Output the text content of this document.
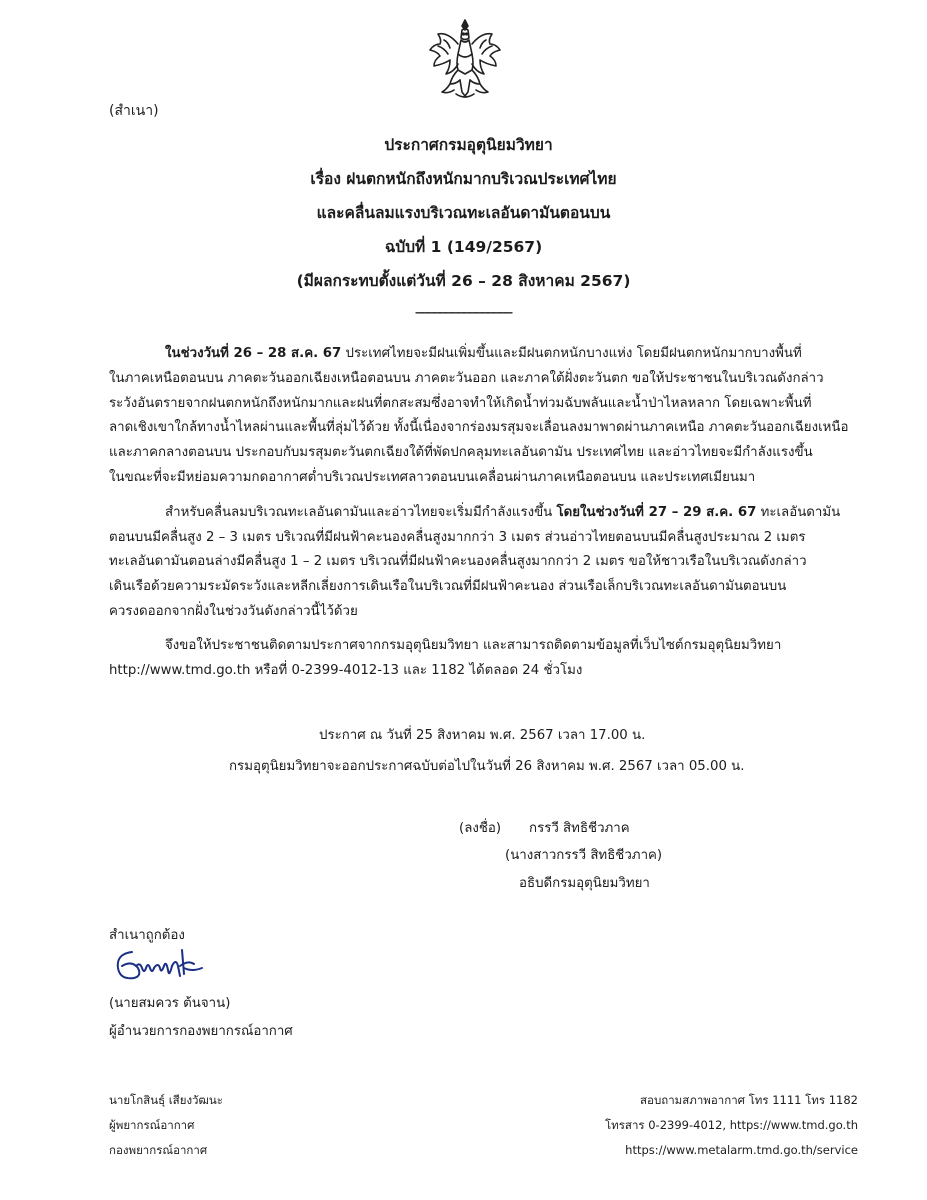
(สำเนา)
ประกาศกรมอุตุนิยมวิทยา
เรื่อง ฝนตกหนักถึงหนักมากบริเวณประเทศไทย
และคลื่นลมแรงบริเวณทะเลอันดามันตอนบน
ฉบับที่ 1 (149/2567)
(มีผลกระทบตั้งแต่วันที่ 26 – 28 สิงหาคม 2567)
________________

ในช่วงวันที่ 26 – 28 ส.ค. 67 ประเทศไทยจะมีฝนเพิ่มขึ้นและมีฝนตกหนักบางแห่ง โดยมีฝนตกหนักมากบางพื้นที่

ในภาคเหนือตอนบน ภาคตะวันออกเฉียงเหนือตอนบน ภาคตะวันออก และภาคใต้ฝั่งตะวันตก ขอให้ประชาชนในบริเวณดังกล่าว

ระวังอันตรายจากฝนตกหนักถึงหนักมากและฝนที่ตกสะสมซึ่งอาจทำให้เกิดน้ำท่วมฉับพลันและน้ำป่าไหลหลาก โดยเฉพาะพื้นที่

ลาดเชิงเขาใกล้ทางน้ำไหลผ่านและพื้นที่ลุ่มไว้ด้วย ทั้งนี้เนื่องจากร่องมรสุมจะเลื่อนลงมาพาดผ่านภาคเหนือ ภาคตะวันออกเฉียงเหนือ

และภาคกลางตอนบน ประกอบกับมรสุมตะวันตกเฉียงใต้ที่พัดปกคลุมทะเลอันดามัน ประเทศไทย และอ่าวไทยจะมีกำลังแรงขึ้น

ในขณะที่จะมีหย่อมความกดอากาศต่ำบริเวณประเทศลาวตอนบนเคลื่อนผ่านภาคเหนือตอนบน และประเทศเมียนมา

สำหรับคลื่นลมบริเวณทะเลอันดามันและอ่าวไทยจะเริ่มมีกำลังแรงขึ้น โดยในช่วงวันที่ 27 – 29 ส.ค. 67 ทะเลอันดามัน

ตอนบนมีคลื่นสูง 2 – 3 เมตร บริเวณที่มีฝนฟ้าคะนองคลื่นสูงมากกว่า 3 เมตร ส่วนอ่าวไทยตอนบนมีคลื่นสูงประมาณ 2 เมตร

ทะเลอันดามันตอนล่างมีคลื่นสูง 1 – 2 เมตร บริเวณที่มีฝนฟ้าคะนองคลื่นสูงมากกว่า 2 เมตร ขอให้ชาวเรือในบริเวณดังกล่าว

เดินเรือด้วยความระมัดระวังและหลีกเลี่ยงการเดินเรือในบริเวณที่มีฝนฟ้าคะนอง ส่วนเรือเล็กบริเวณทะเลอันดามันตอนบน

ควรงดออกจากฝั่งในช่วงวันดังกล่าวนี้ไว้ด้วย

จึงขอให้ประชาชนติดตามประกาศจากกรมอุตุนิยมวิทยา และสามารถติดตามข้อมูลที่เว็บไซต์กรมอุตุนิยมวิทยา

http://www.tmd.go.th หรือที่ 0-2399-4012-13 และ 1182 ได้ตลอด 24 ชั่วโมง

ประกาศ ณ วันที่ 25 สิงหาคม พ.ศ. 2567 เวลา 17.00 น.
กรมอุตุนิยมวิทยาจะออกประกาศฉบับต่อไปในวันที่ 26 สิงหาคม พ.ศ. 2567 เวลา 05.00 น.
(ลงชื่อ) กรรวี สิทธิชีวภาค
(นางสาวกรรวี สิทธิชีวภาค)
อธิบดีกรมอุตุนิยมวิทยา
สำเนาถูกต้อง
(นายสมควร ต้นจาน)
ผู้อำนวยการกองพยากรณ์อากาศ
นายโกสินธุ์ เสียงวัฒนะ
ผู้พยากรณ์อากาศ
กองพยากรณ์อากาศ
สอบถามสภาพอากาศ โทร 1111 โทร 1182
โทรสาร 0-2399-4012, https://www.tmd.go.th
https://www.metalarm.tmd.go.th/service
